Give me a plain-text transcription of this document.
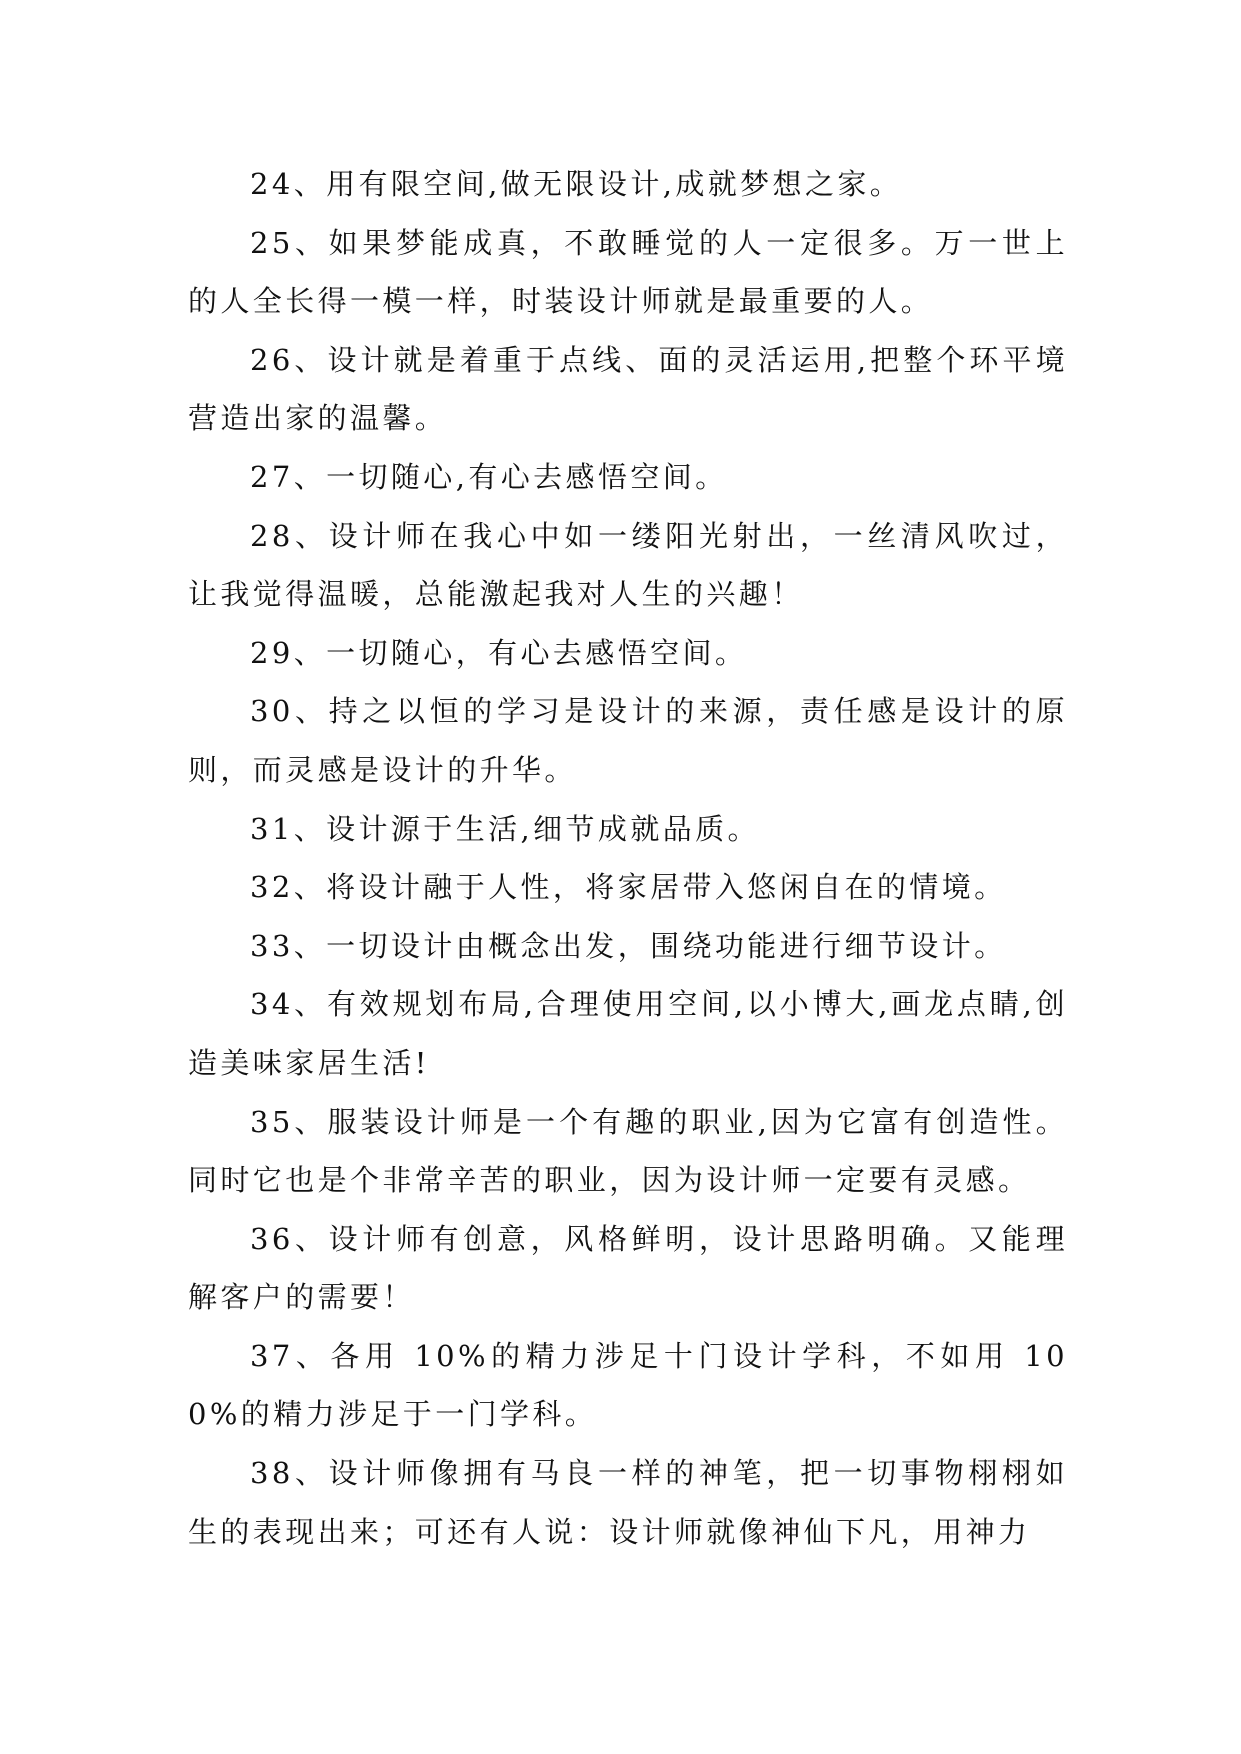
24、用有限空间,做无限设计,成就梦想之家。

25、如果梦能成真，不敢睡觉的人一定很多。万一世上的人全长得一模一样，时装设计师就是最重要的人。

26、设计就是着重于点线、面的灵活运用,把整个环平境营造出家的温馨。

27、一切随心,有心去感悟空间。

28、设计师在我心中如一缕阳光射出，一丝清风吹过，让我觉得温暖，总能激起我对人生的兴趣！

29、一切随心，有心去感悟空间。

30、持之以恒的学习是设计的来源，责任感是设计的原则，而灵感是设计的升华。

31、设计源于生活,细节成就品质。

32、将设计融于人性，将家居带入悠闲自在的情境。

33、一切设计由概念出发，围绕功能进行细节设计。

34、有效规划布局,合理使用空间,以小博大,画龙点睛,创造美味家居生活!

35、服装设计师是一个有趣的职业,因为它富有创造性。同时它也是个非常辛苦的职业，因为设计师一定要有灵感。

36、设计师有创意，风格鲜明，设计思路明确。又能理解客户的需要！

37、各用 10%的精力涉足十门设计学科，不如用 100%的精力涉足于一门学科。

38、设计师像拥有马良一样的神笔，把一切事物栩栩如生的表现出来；可还有人说：设计师就像神仙下凡，用神力
